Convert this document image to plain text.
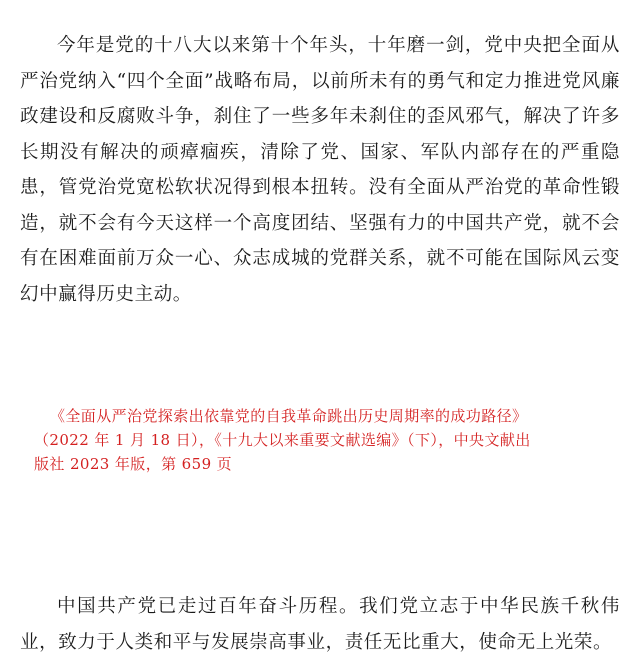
今年是党的十八大以来第十个年头，十年磨一剑，党中央把全面从严治党纳入“四个全面”战略布局，以前所未有的勇气和定力推进党风廉政建设和反腐败斗争，刹住了一些多年未刹住的歪风邪气，解决了许多长期没有解决的顽瘴痼疾，清除了党、国家、军队内部存在的严重隐患，管党治党宽松软状况得到根本扭转。没有全面从严治党的革命性锻造，就不会有今天这样一个高度团结、坚强有力的中国共产党，就不会有在困难面前万众一心、众志成城的党群关系，就不可能在国际风云变幻中赢得历史主动。

《全面从严治党探索出依靠党的自我革命跳出历史周期率的成功路径》
（2022 年 1 月 18 日），《十九大以来重要文献选编》（下），中央文献出
版社 2023 年版，第 659 页

中国共产党已走过百年奋斗历程。我们党立志于中华民族千秋伟业，致力于人类和平与发展崇高事业，责任无比重大，使命无上光荣。
